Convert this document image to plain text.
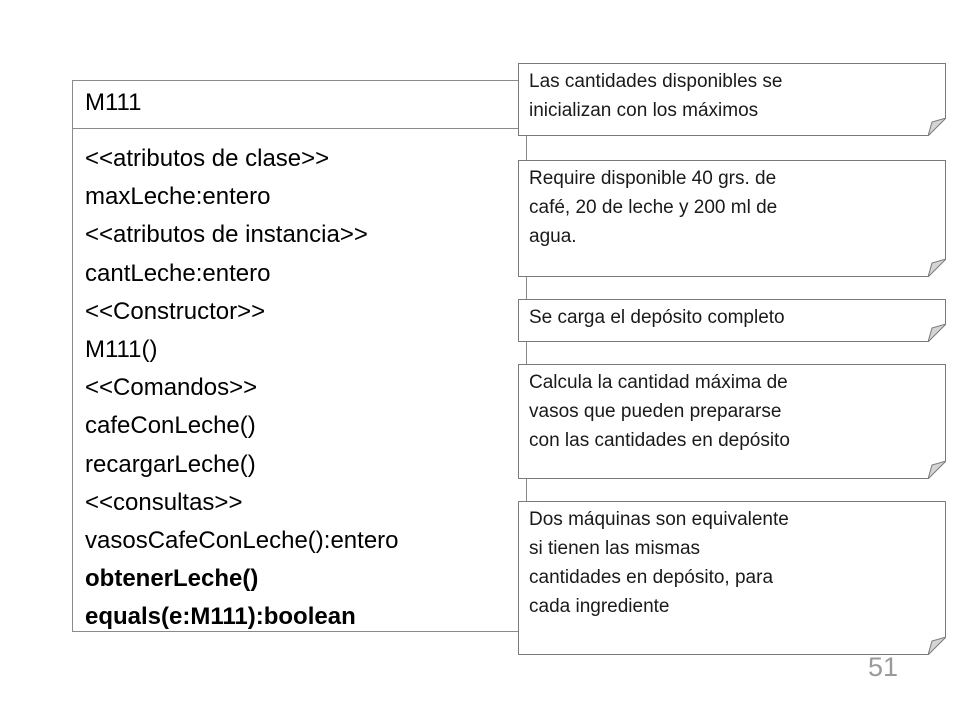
M111
<<atributos de clase>>
maxLeche:entero
<<atributos de instancia>>
cantLeche:entero
<<Constructor>>
M111()
<<Comandos>>
cafeConLeche()
recargarLeche()
<<consultas>>
vasosCafeConLeche():entero
obtenerLeche()
equals(e:M111):boolean
Las cantidades disponibles se
inicializan con los máximos
Require disponible 40 grs. de
café, 20 de leche y 200 ml de
agua.
Se carga el depósito completo
Calcula la cantidad máxima de
vasos que pueden prepararse
con las cantidades en depósito
Dos máquinas son equivalente
si tienen las mismas
cantidades en depósito, para
cada ingrediente
51
